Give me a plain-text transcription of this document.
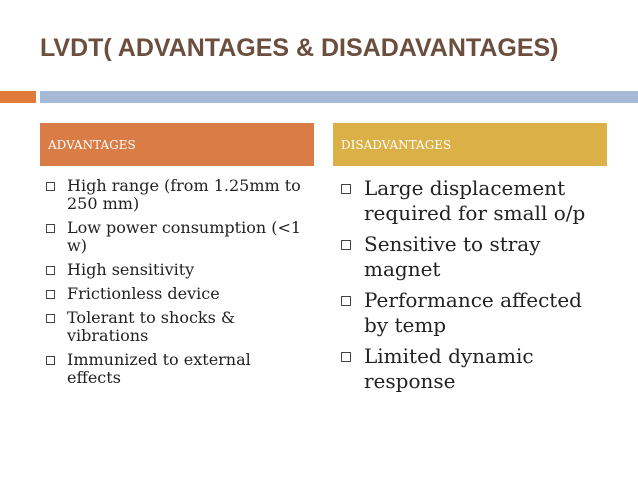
LVDT( ADVANTAGES & DISADAVANTAGES)
ADVANTAGES	DISADVANTAGES
High range (from 1.25mm to 250 mm)
Low power consumption (<1 w)
High sensitivity
Frictionless device
Tolerant to shocks & vibrations
Immunized to external effects
Large displacement required for small o/p
Sensitive to stray magnet
Performance affected by temp
Limited dynamic response
